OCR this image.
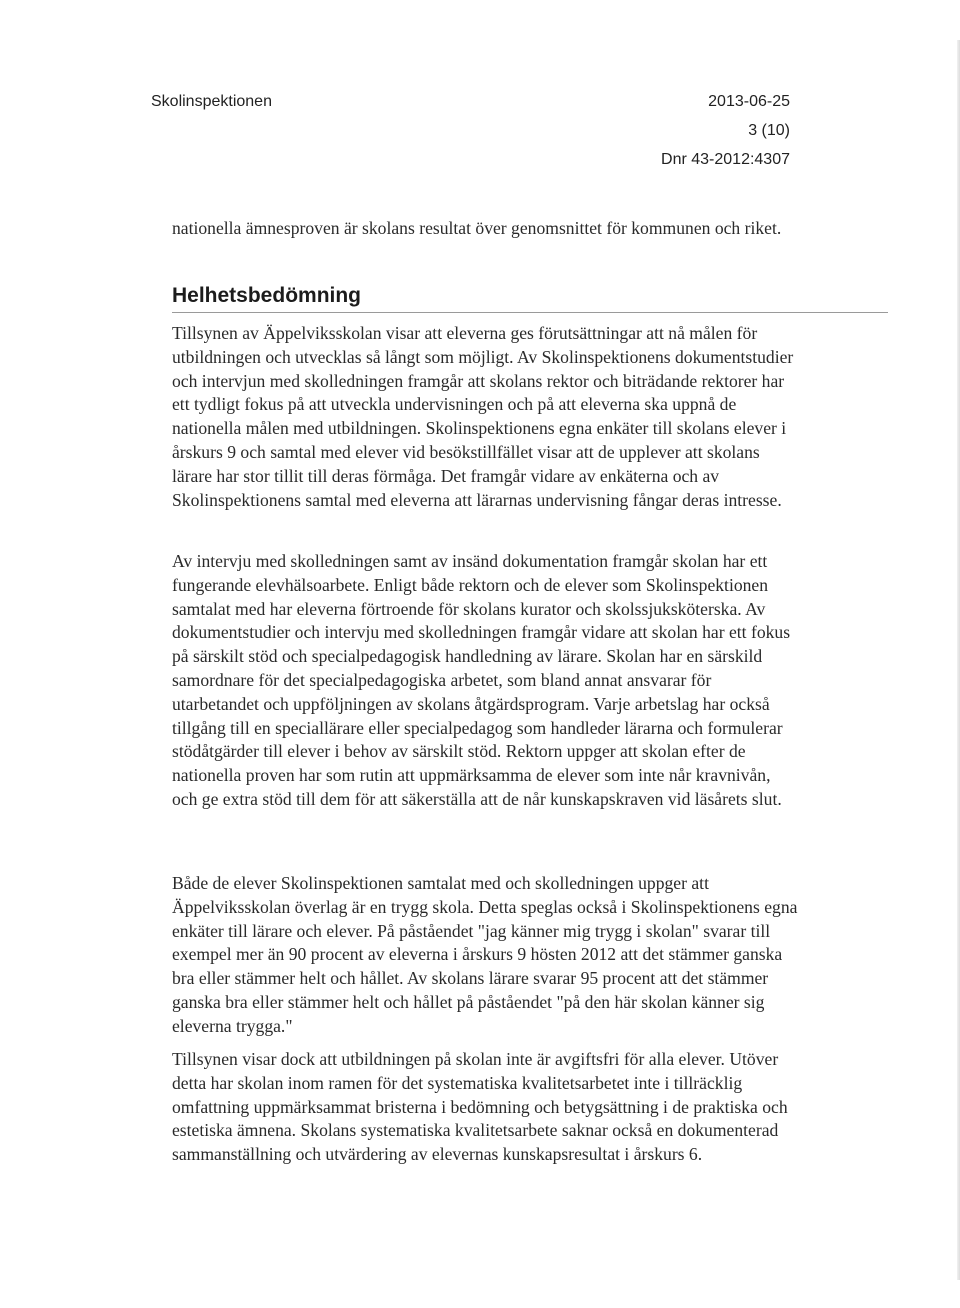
Skolinspektionen	2013-06-25
3 (10)
Dnr 43-2012:4307

nationella ämnesproven är skolans resultat över genomsnittet för kommunen och riket.

Helhetsbedömning

Tillsynen av Äppelviksskolan visar att eleverna ges förutsättningar att nå målen för utbildningen och utvecklas så långt som möjligt. Av Skolinspektionens dokumentstudier och intervjun med skolledningen framgår att skolans rektor och biträdande rektorer har ett tydligt fokus på att utveckla undervisningen och på att eleverna ska uppnå de nationella målen med utbildningen. Skolinspektionens egna enkäter till skolans elever i årskurs 9 och samtal med elever vid besökstillfället visar att de upplever att skolans lärare har stor tillit till deras förmåga. Det framgår vidare av enkäterna och av Skolinspektionens samtal med eleverna att lärarnas undervisning fångar deras intresse.

Av intervju med skolledningen samt av insänd dokumentation framgår skolan har ett fungerande elevhälsoarbete. Enligt både rektorn och de elever som Skolinspektionen samtalat med har eleverna förtroende för skolans kurator och skolssjuksköterska. Av dokumentstudier och intervju med skolledningen framgår vidare att skolan har ett fokus på särskilt stöd och specialpedagogisk handledning av lärare. Skolan har en särskild samordnare för det specialpedagogiska arbetet, som bland annat ansvarar för utarbetandet och uppföljningen av skolans åtgärdsprogram. Varje arbetslag har också tillgång till en speciallärare eller specialpedagog som handleder lärarna och formulerar stödåtgärder till elever i behov av särskilt stöd. Rektorn uppger att skolan efter de nationella proven har som rutin att uppmärksamma de elever som inte når kravnivån, och ge extra stöd till dem för att säkerställa att de når kunskapskraven vid läsårets slut.

Både de elever Skolinspektionen samtalat med och skolledningen uppger att Äppelviksskolan överlag är en trygg skola. Detta speglas också i Skolinspektionens egna enkäter till lärare och elever. På påståendet "jag känner mig trygg i skolan" svarar till exempel mer än 90 procent av eleverna i årskurs 9 hösten 2012 att det stämmer ganska bra eller stämmer helt och hållet. Av skolans lärare svarar 95 procent att det stämmer ganska bra eller stämmer helt och hållet på påståendet "på den här skolan känner sig eleverna trygga."

Tillsynen visar dock att utbildningen på skolan inte är avgiftsfri för alla elever. Utöver detta har skolan inom ramen för det systematiska kvalitetsarbetet inte i tillräcklig omfattning uppmärksammat bristerna i bedömning och betygsättning i de praktiska och estetiska ämnena. Skolans systematiska kvalitetsarbete saknar också en dokumenterad sammanställning och utvärdering av elevernas kunskapsresultat i årskurs 6.
